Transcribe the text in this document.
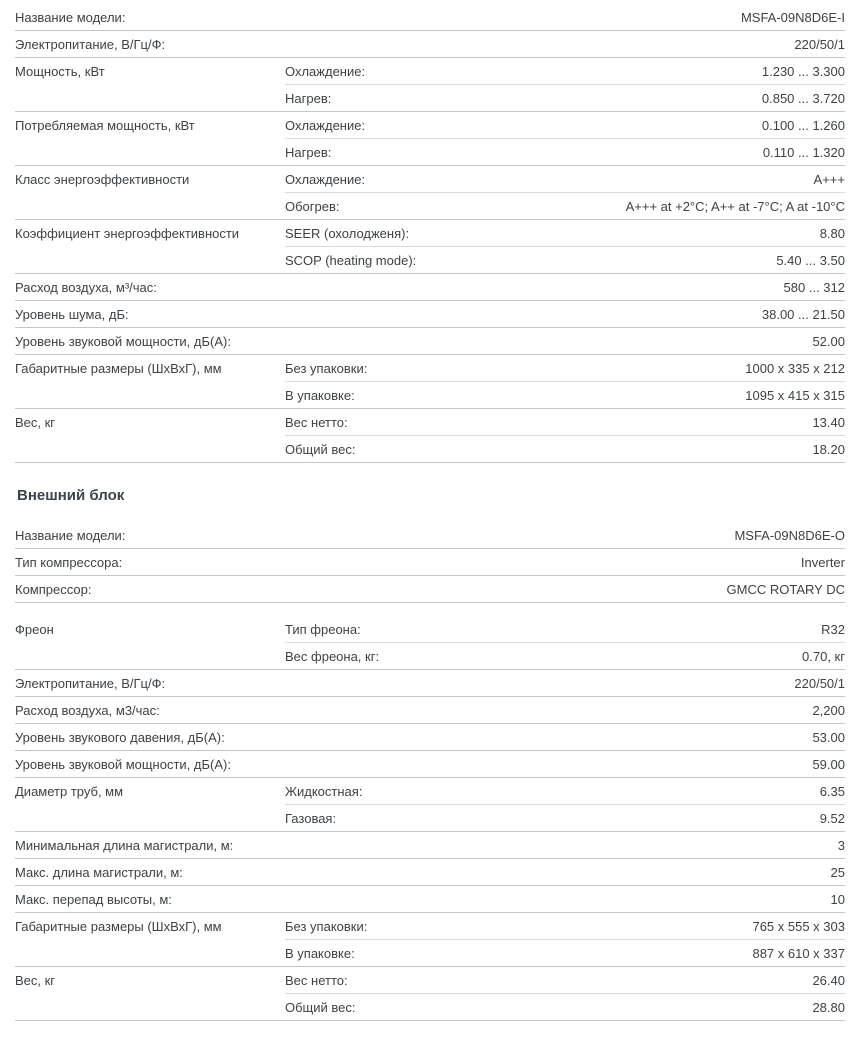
Название модели:	MSFA-09N8D6E-I
Электропитание, В/Гц/Ф:	220/50/1
Мощность, кВт	Охлаждение:	1.230 ... 3.300
Нагрев:	0.850 ... 3.720
Потребляемая мощность, кВт	Охлаждение:	0.100 ... 1.260
Нагрев:	0.110 ... 1.320
Класс энергоэффективности	Охлаждение:	A+++
Обогрев:	A+++ at +2°C; A++ at -7°C; A at -10°C
Коэффициент энергоэффективности	SEER (охолодженя):	8.80
SCOP (heating mode):	5.40 ... 3.50
Расход воздуха, м³/час:	580 ... 312
Уровень шума, дБ:	38.00 ... 21.50
Уровень звуковой мощности, дБ(А):	52.00
Габаритные размеры (ШхВхГ), мм	Без упаковки:	1000 x 335 x 212
В упаковке:	1095 x 415 x 315
Вес, кг	Вес нетто:	13.40
Общий вес:	18.20
Внешний блок
Название модели:	MSFA-09N8D6E-O
Тип компрессора:	Inverter
Компрессор:	GMCC ROTARY DC
Фреон	Тип фреона:	R32
Вес фреона, кг:	0.70, кг
Электропитание, В/Гц/Ф:	220/50/1
Расход воздуха, м3/час:	2,200
Уровень звукового давения, дБ(А):	53.00
Уровень звуковой мощности, дБ(А):	59.00
Диаметр труб, мм	Жидкостная:	6.35
Газовая:	9.52
Минимальная длина магистрали, м:	3
Макс. длина магистрали, м:	25
Макс. перепад высоты, м:	10
Габаритные размеры (ШхВхГ), мм	Без упаковки:	765 x 555 x 303
В упаковке:	887 x 610 x 337
Вес, кг	Вес нетто:	26.40
Общий вес:	28.80
